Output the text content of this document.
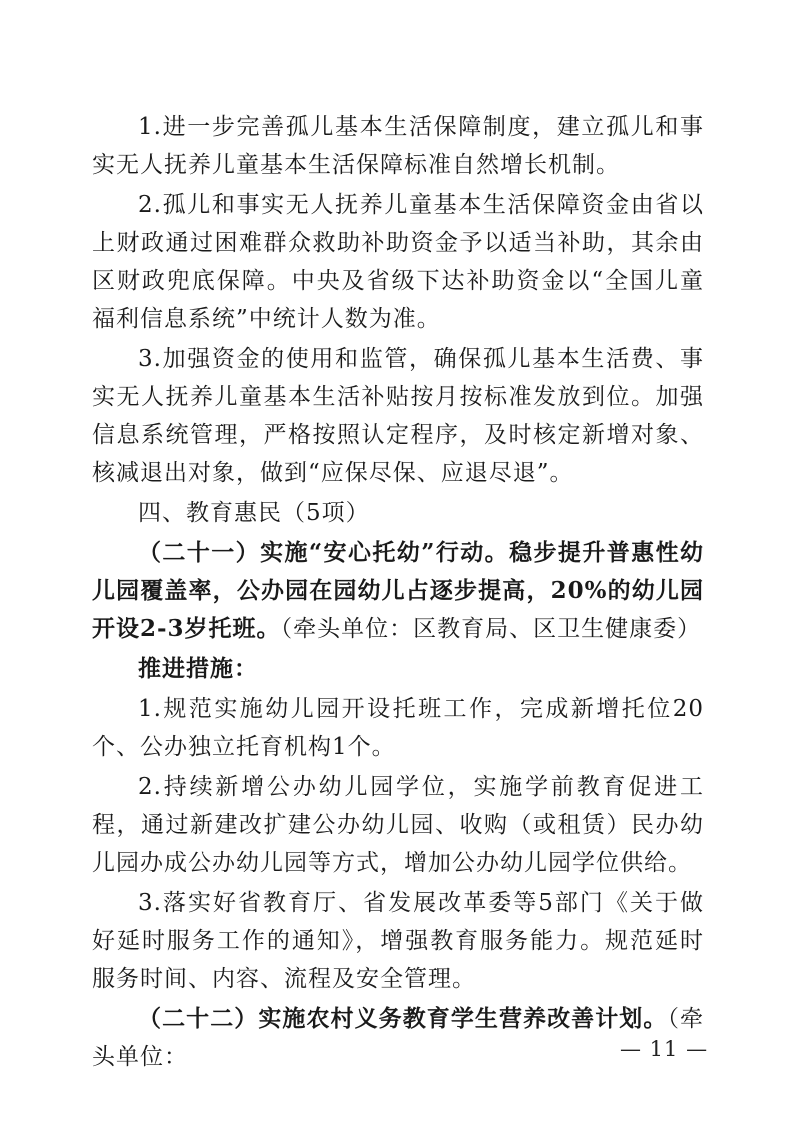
1.进一步完善孤儿基本生活保障制度，建立孤儿和事实无人抚养儿童基本生活保障标准自然增长机制。

2.孤儿和事实无人抚养儿童基本生活保障资金由省以上财政通过困难群众救助补助资金予以适当补助，其余由区财政兜底保障。中央及省级下达补助资金以“全国儿童福利信息系统”中统计人数为准。

3.加强资金的使用和监管，确保孤儿基本生活费、事实无人抚养儿童基本生活补贴按月按标准发放到位。加强信息系统管理，严格按照认定程序，及时核定新增对象、核减退出对象，做到“应保尽保、应退尽退”。

四、教育惠民（5项）

（二十一）实施“安心托幼”行动。稳步提升普惠性幼儿园覆盖率，公办园在园幼儿占逐步提高，20%的幼儿园开设2-3岁托班。（牵头单位：区教育局、区卫生健康委）

推进措施：

1.规范实施幼儿园开设托班工作，完成新增托位20个、公办独立托育机构1个。

2.持续新增公办幼儿园学位，实施学前教育促进工程，通过新建改扩建公办幼儿园、收购（或租赁）民办幼儿园办成公办幼儿园等方式，增加公办幼儿园学位供给。

3.落实好省教育厅、省发展改革委等5部门《关于做好延时服务工作的通知》，增强教育服务能力。规范延时服务时间、内容、流程及安全管理。

（二十二）实施农村义务教育学生营养改善计划。（牵头单位：	— 11 —
